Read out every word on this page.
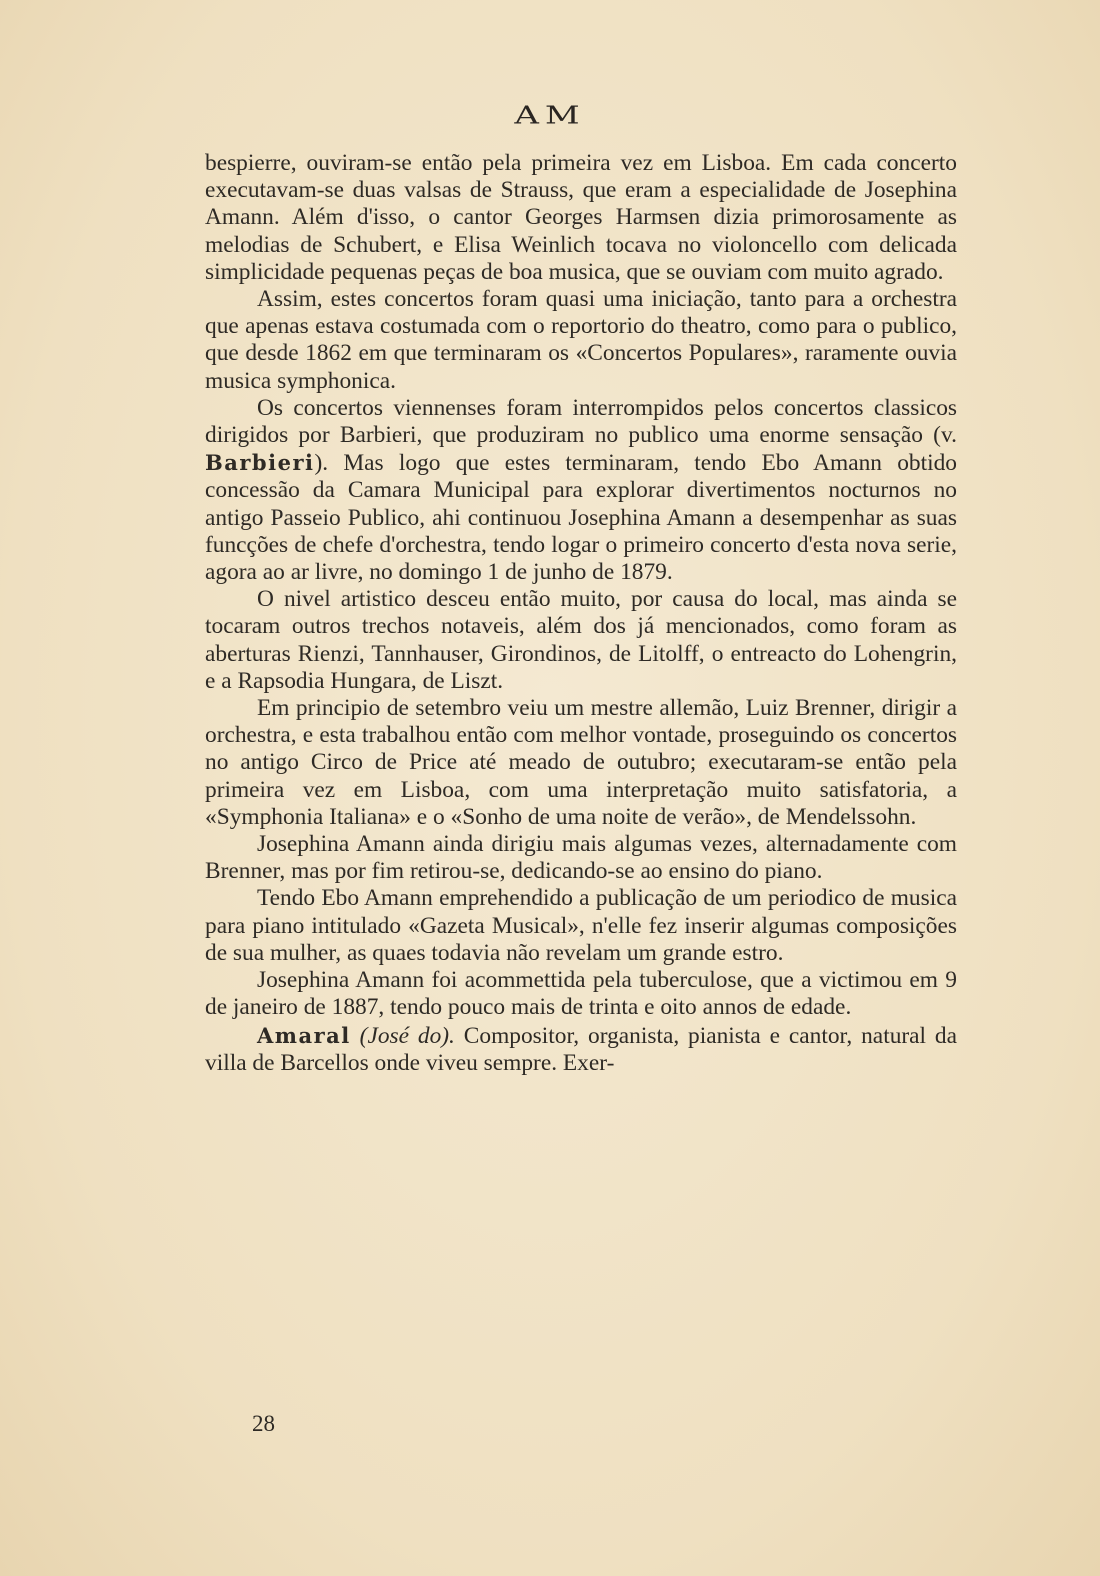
AM

bespierre, ouviram-se então pela primeira vez em Lisboa. Em cada concerto executavam-se duas valsas de Strauss, que eram a especialidade de Josephina Amann. Além d'isso, o cantor Georges Harmsen dizia primorosamente as melodias de Schubert, e Elisa Weinlich tocava no violoncello com delicada simplicidade pequenas peças de boa musica, que se ouviam com muito agrado.

Assim, estes concertos foram quasi uma iniciação, tanto para a orchestra que apenas estava costumada com o reportorio do theatro, como para o publico, que desde 1862 em que terminaram os «Concertos Populares», raramente ouvia musica symphonica.

Os concertos viennenses foram interrompidos pelos concertos classicos dirigidos por Barbieri, que produziram no publico uma enorme sensação (v. Barbieri). Mas logo que estes terminaram, tendo Ebo Amann obtido concessão da Camara Municipal para explorar divertimentos nocturnos no antigo Passeio Publico, ahi continuou Josephina Amann a desempenhar as suas funcções de chefe d'orchestra, tendo logar o primeiro concerto d'esta nova serie, agora ao ar livre, no domingo 1 de junho de 1879.

O nivel artistico desceu então muito, por causa do local, mas ainda se tocaram outros trechos notaveis, além dos já mencionados, como foram as aberturas Rienzi, Tannhauser, Girondinos, de Litolff, o entreacto do Lohengrin, e a Rapsodia Hungara, de Liszt.

Em principio de setembro veiu um mestre allemão, Luiz Brenner, dirigir a orchestra, e esta trabalhou então com melhor vontade, proseguindo os concertos no antigo Circo de Price até meado de outubro; executaram-se então pela primeira vez em Lisboa, com uma interpretação muito satisfatoria, a «Symphonia Italiana» e o «Sonho de uma noite de verão», de Mendelssohn.

Josephina Amann ainda dirigiu mais algumas vezes, alternadamente com Brenner, mas por fim retirou-se, dedicando-se ao ensino do piano.

Tendo Ebo Amann emprehendido a publicação de um periodico de musica para piano intitulado «Gazeta Musical», n'elle fez inserir algumas composições de sua mulher, as quaes todavia não revelam um grande estro.

Josephina Amann foi acommettida pela tuberculose, que a victimou em 9 de janeiro de 1887, tendo pouco mais de trinta e oito annos de edade.

Amaral (José do). Compositor, organista, pianista e cantor, natural da villa de Barcellos onde viveu sempre. Exer-

28
